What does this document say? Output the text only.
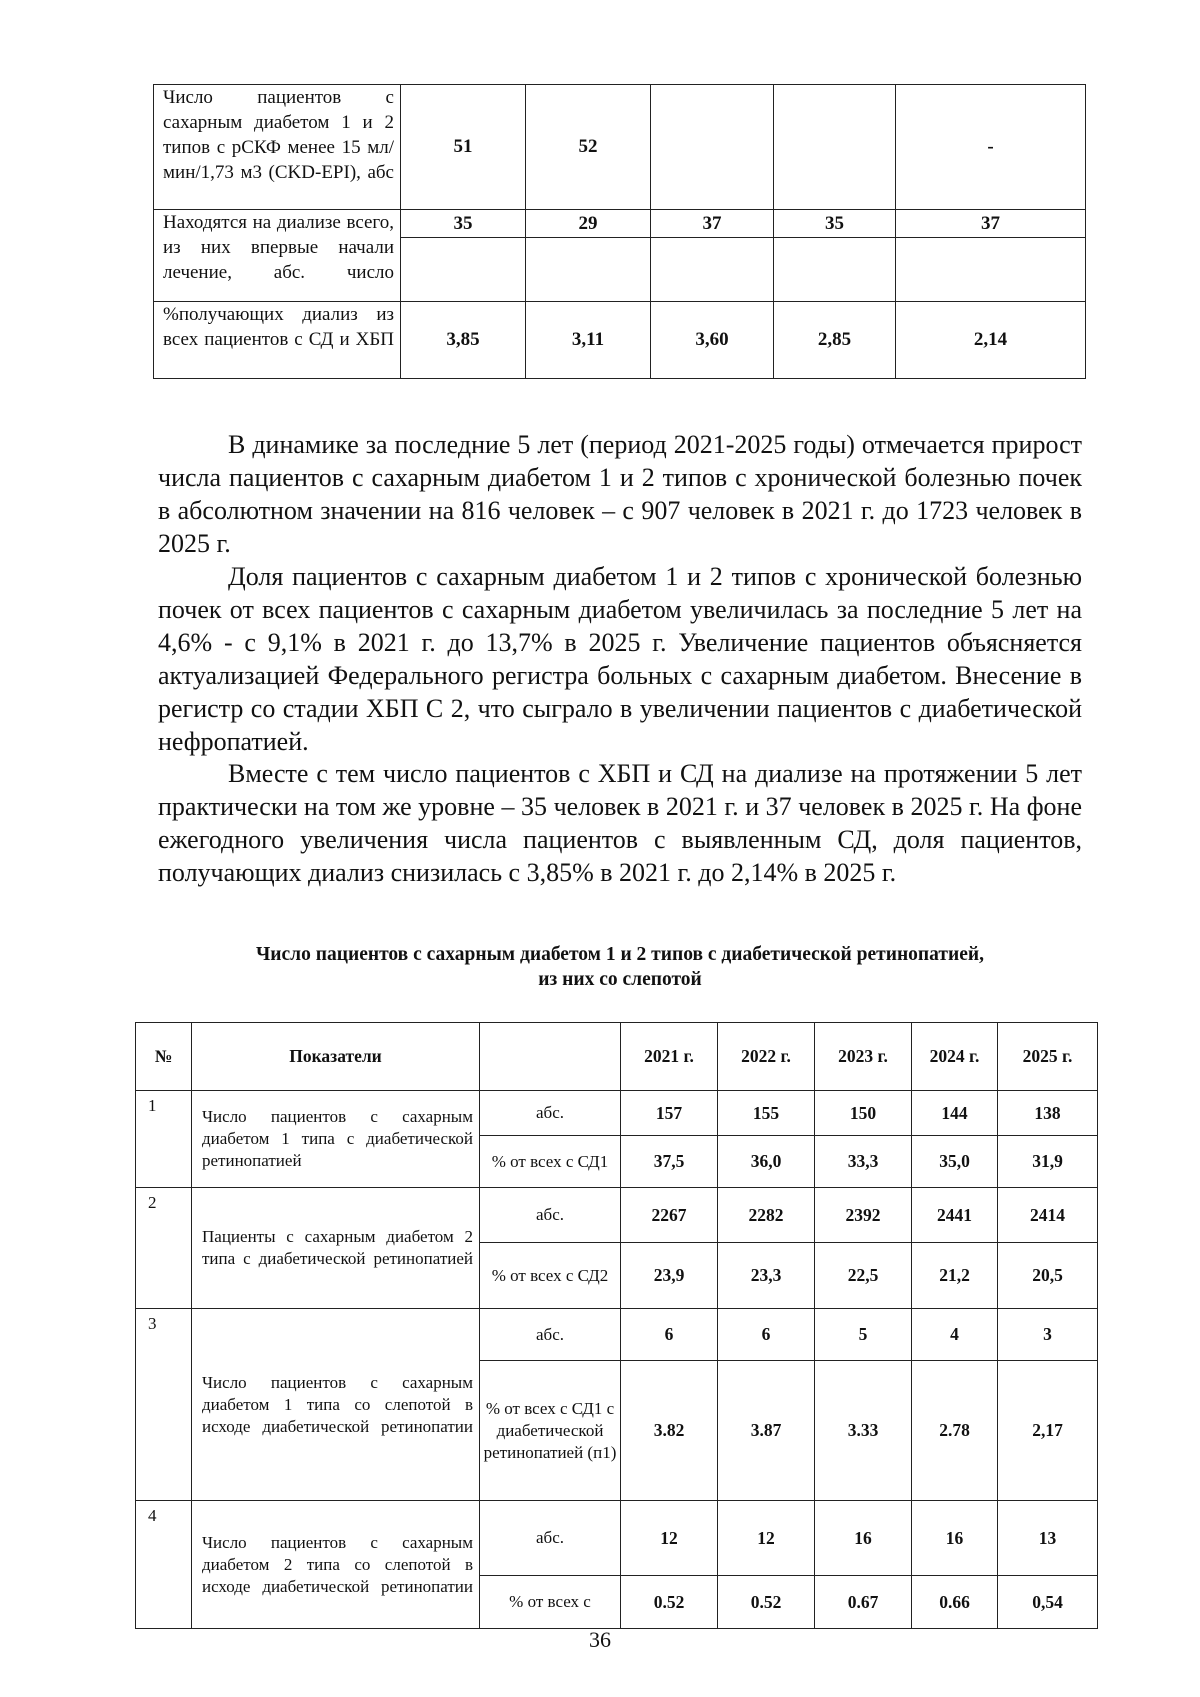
Число пациентов с сахарным диабетом 1 и 2 типов с рСКФ менее 15 мл/мин/1,73 м3 (CKD-EPI), абс	51	52			-
Находятся на диализе всего, из них впервые начали лечение, абс. число	35	29	37	35	37

%получающих диализ из всех пациентов с СД и ХБП	3,85	3,11	3,60	2,85	2,14
В динамике за последние 5 лет (период 2021-2025 годы) отмечается прирост числа пациентов с сахарным диабетом 1 и 2 типов с хронической болезнью почек в абсолютном значении на 816 человек – с 907 человек в 2021 г. до 1723 человек в 2025 г.
Доля пациентов с сахарным диабетом 1 и 2 типов с хронической болезнью почек от всех пациентов с сахарным диабетом увеличилась за последние 5 лет на 4,6% - с 9,1% в 2021 г. до 13,7% в 2025 г. Увеличение пациентов объясняется актуализацией Федерального регистра больных с сахарным диабетом. Внесение в регистр со стадии ХБП С 2, что сыграло в увеличении пациентов с диабетической нефропатией.
Вместе с тем число пациентов с ХБП и СД на диализе на протяжении 5 лет практически на том же уровне – 35 человек в 2021 г. и 37 человек в 2025 г. На фоне ежегодного увеличения числа пациентов с выявленным СД, доля пациентов, получающих диализ снизилась с 3,85% в 2021 г. до 2,14% в 2025 г.
Число пациентов с сахарным диабетом 1 и 2 типов с диабетической ретинопатией,
из них со слепотой
№	Показатели		2021 г.	2022 г.	2023 г.	2024 г.	2025 г.
1	Число пациентов с сахарным диабетом 1 типа с диабетической ретинопатией	абс.	157	155	150	144	138
		% от всех с СД1	37,5	36,0	33,3	35,0	31,9
2	Пациенты с сахарным диабетом 2 типа с диабетической ретинопатией	абс.	2267	2282	2392	2441	2414
		% от всех с СД2	23,9	23,3	22,5	21,2	20,5
3	Число пациентов с сахарным диабетом 1 типа со слепотой в исходе диабетической ретинопатии	абс.	6	6	5	4	3
		% от всех с СД1 с диабетической ретинопатией (п1)	3.82	3.87	3.33	2.78	2,17
4	Число пациентов с сахарным диабетом 2 типа со слепотой в исходе диабетической ретинопатии	абс.	12	12	16	16	13
		% от всех с	0.52	0.52	0.67	0.66	0,54
36
